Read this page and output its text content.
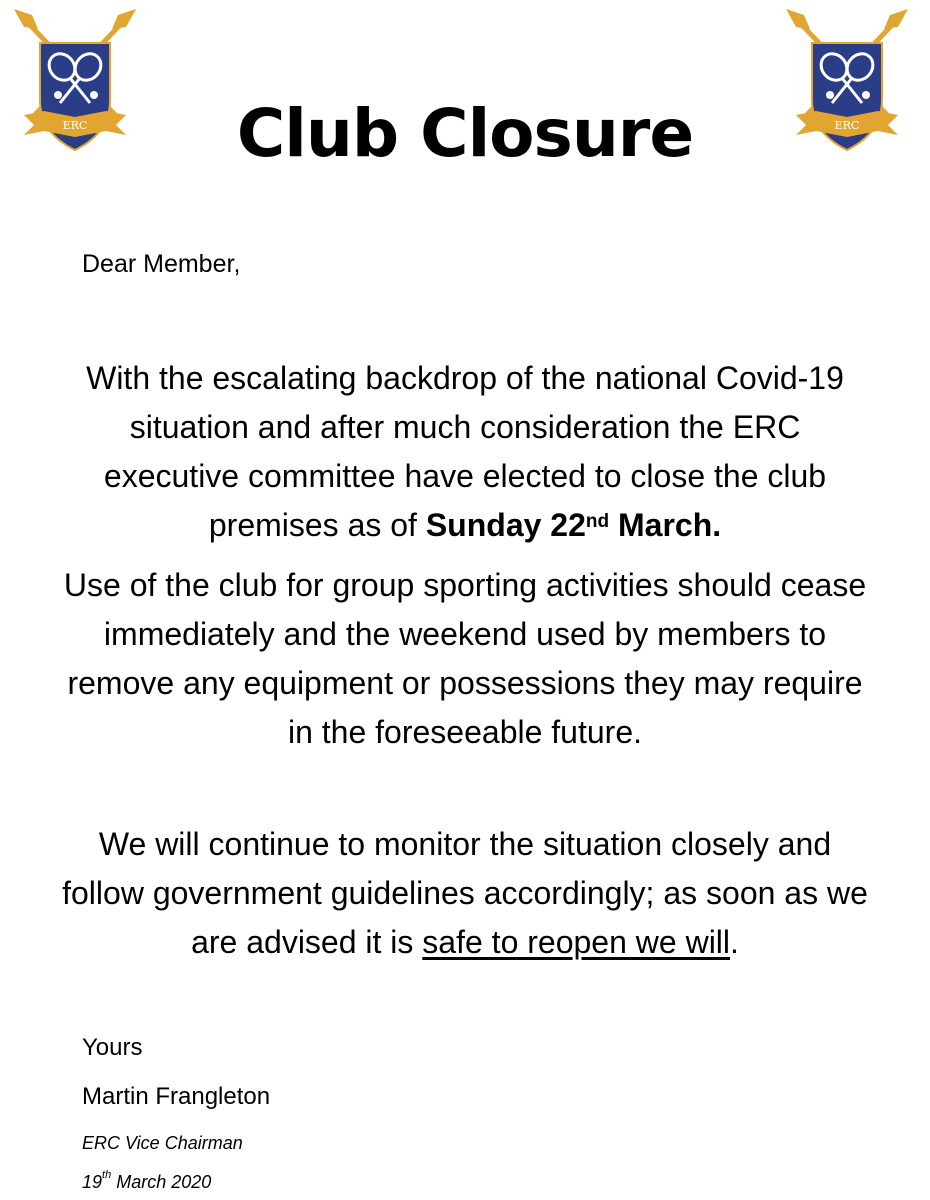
ERC	ERC
Club Closure

Dear Member,

With the escalating backdrop of the national Covid-19 situation and after much consideration the ERC executive committee have elected to close the club premises as of Sunday 22nd March.

Use of the club for group sporting activities should cease immediately and the weekend used by members to remove any equipment or possessions they may require in the foreseeable future.

We will continue to monitor the situation closely and follow government guidelines accordingly; as soon as we are advised it is safe to reopen we will.

Yours

Martin Frangleton

ERC Vice Chairman

19th March 2020
